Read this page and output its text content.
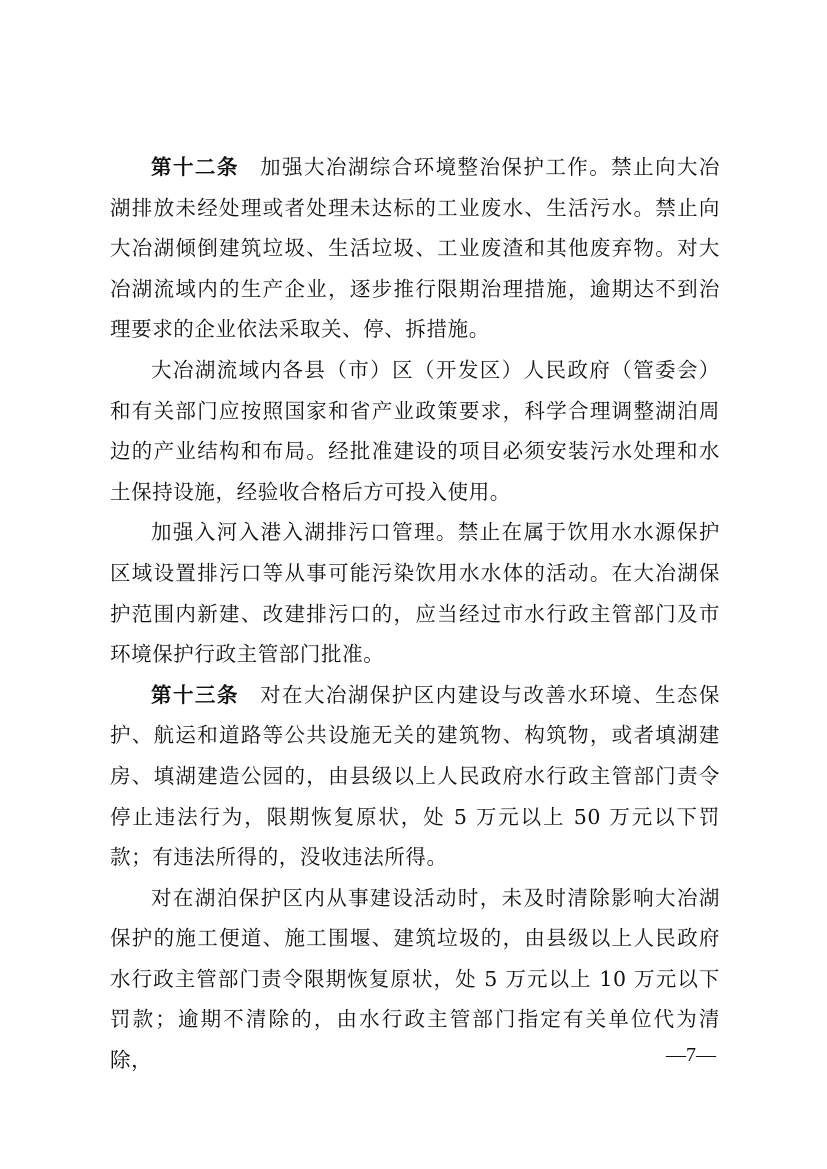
第十二条 加强大冶湖综合环境整治保护工作。禁止向大冶湖排放未经处理或者处理未达标的工业废水、生活污水。禁止向大冶湖倾倒建筑垃圾、生活垃圾、工业废渣和其他废弃物。对大冶湖流域内的生产企业，逐步推行限期治理措施，逾期达不到治理要求的企业依法采取关、停、拆措施。

大冶湖流域内各县（市）区（开发区）人民政府（管委会）和有关部门应按照国家和省产业政策要求，科学合理调整湖泊周边的产业结构和布局。经批准建设的项目必须安装污水处理和水土保持设施，经验收合格后方可投入使用。

加强入河入港入湖排污口管理。禁止在属于饮用水水源保护区域设置排污口等从事可能污染饮用水水体的活动。在大冶湖保护范围内新建、改建排污口的，应当经过市水行政主管部门及市环境保护行政主管部门批准。

第十三条 对在大冶湖保护区内建设与改善水环境、生态保护、航运和道路等公共设施无关的建筑物、构筑物，或者填湖建房、填湖建造公园的，由县级以上人民政府水行政主管部门责令停止违法行为，限期恢复原状，处 5 万元以上 50 万元以下罚款；有违法所得的，没收违法所得。

对在湖泊保护区内从事建设活动时，未及时清除影响大冶湖保护的施工便道、施工围堰、建筑垃圾的，由县级以上人民政府水行政主管部门责令限期恢复原状，处 5 万元以上 10 万元以下罚款；逾期不清除的，由水行政主管部门指定有关单位代为清除，	—7—
